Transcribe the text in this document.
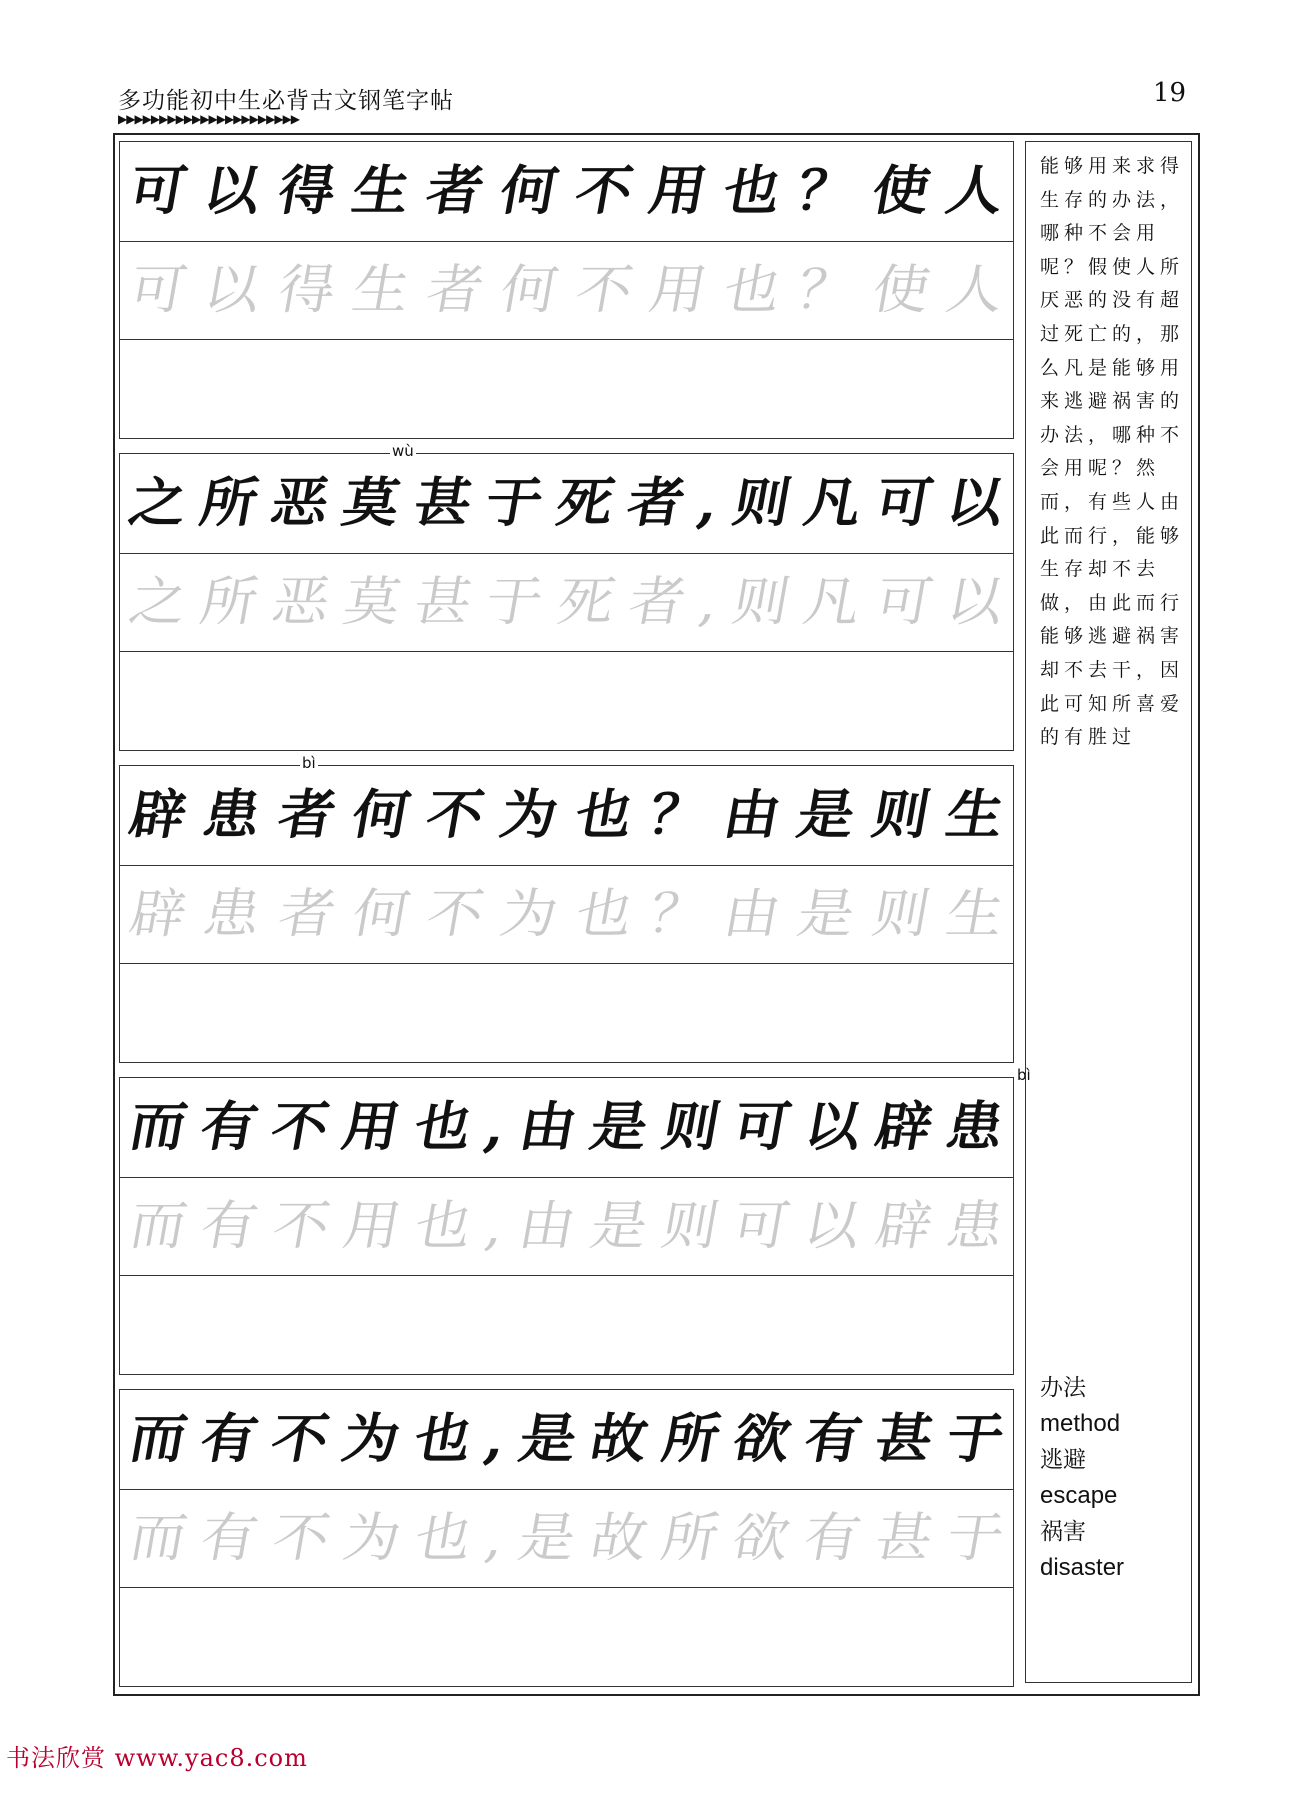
多功能初中生必背古文钢笔字帖
▶▶▶▶▶▶▶▶▶▶▶▶▶▶▶▶▶▶▶▶▶▶
19
可 以 得 生 者 何 不 用 也 ？ 使 人
可 以 得 生 者 何 不 用 也 ？ 使 人
之 所 恶 莫 甚 于 死 者 , 则 凡 可 以
之 所 恶 莫 甚 于 死 者 , 则 凡 可 以
wù
辟 患 者 何 不 为 也 ？ 由 是 则 生
辟 患 者 何 不 为 也 ？ 由 是 则 生
bì
而 有 不 用 也 , 由 是 则 可 以 辟 患
而 有 不 用 也 , 由 是 则 可 以 辟 患
bì
而 有 不 为 也 , 是 故 所 欲 有 甚 于
而 有 不 为 也 , 是 故 所 欲 有 甚 于
能够用来求得生存的办法，哪种不会用呢？假使人所厌恶的没有超过死亡的，那么凡是能够用来逃避祸害的办法，哪种不会用呢？然而，有些人由此而行，能够生存却不去做，由此而行能够逃避祸害却不去干，因此可知所喜爱的有胜过
办法
method
逃避
escape
祸害
disaster
书法欣赏 www.yac8.com
